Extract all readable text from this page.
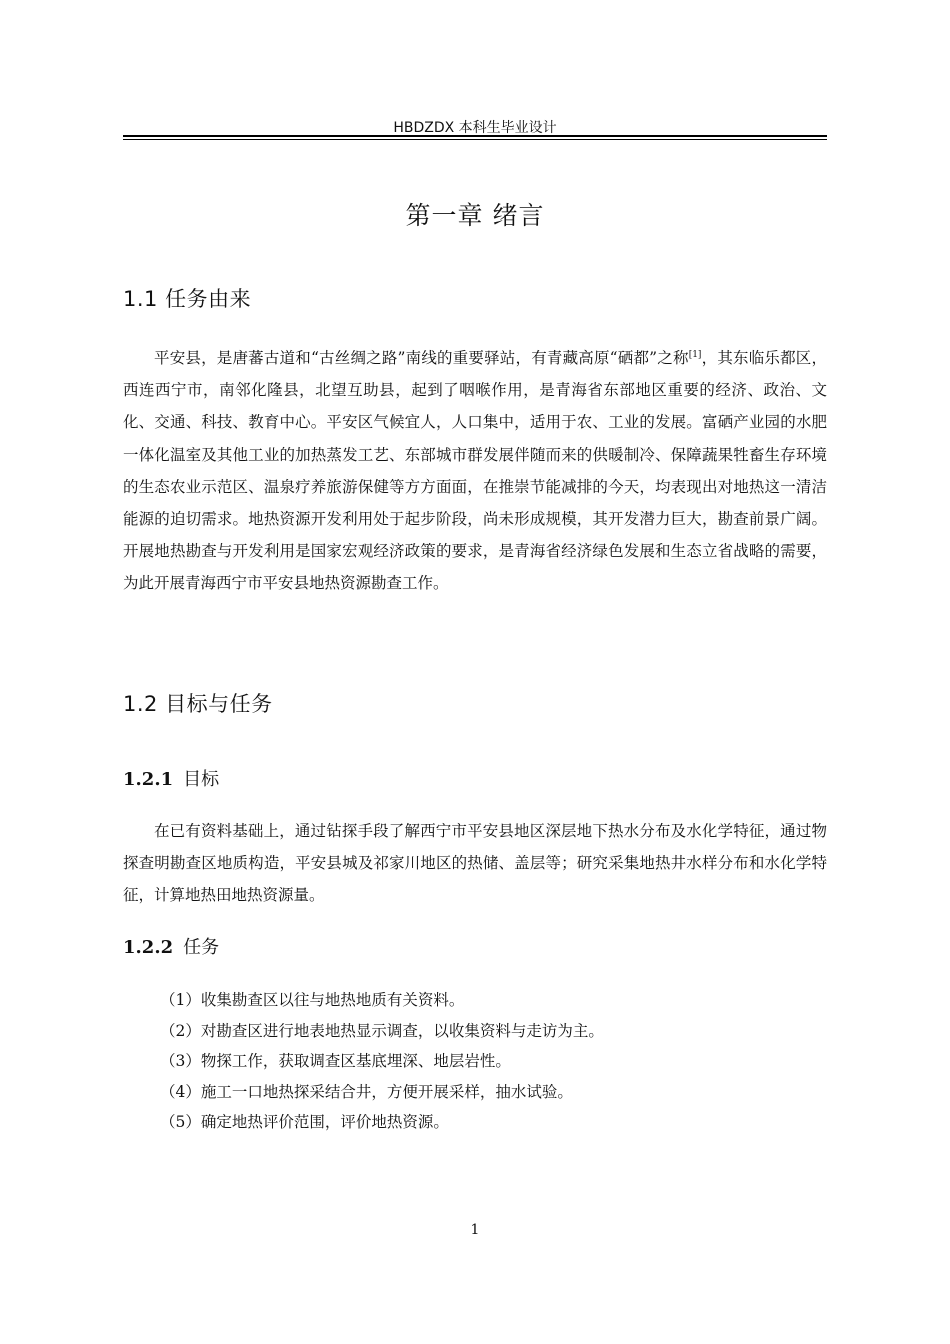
HBDZDX 本科生毕业设计
第一章 绪言
1.1 任务由来

平安县，是唐蕃古道和“古丝绸之路”南线的重要驿站，有青藏高原“硒都”之称[1]，其东临乐都区，西连西宁市，南邻化隆县，北望互助县，起到了咽喉作用，是青海省东部地区重要的经济、政治、文化、交通、科技、教育中心。平安区气候宜人，人口集中，适用于农、工业的发展。富硒产业园的水肥一体化温室及其他工业的加热蒸发工艺、东部城市群发展伴随而来的供暖制冷、保障蔬果牲畜生存环境的生态农业示范区、温泉疗养旅游保健等方方面面，在推崇节能减排的今天，均表现出对地热这一清洁能源的迫切需求。地热资源开发利用处于起步阶段，尚未形成规模，其开发潜力巨大，勘查前景广阔。开展地热勘查与开发利用是国家宏观经济政策的要求，是青海省经济绿色发展和生态立省战略的需要，为此开展青海西宁市平安县地热资源勘查工作。

1.2 目标与任务
1.2.1 目标

在已有资料基础上，通过钻探手段了解西宁市平安县地区深层地下热水分布及水化学特征，通过物探查明勘查区地质构造，平安县城及祁家川地区的热储、盖层等；研究采集地热井水样分布和水化学特征，计算地热田地热资源量。

1.2.2 任务
（1）收集勘查区以往与地热地质有关资料。
（2）对勘查区进行地表地热显示调查，以收集资料与走访为主。
（3）物探工作，获取调查区基底埋深、地层岩性。
（4）施工一口地热探采结合井，方便开展采样，抽水试验。
（5）确定地热评价范围，评价地热资源。
1
